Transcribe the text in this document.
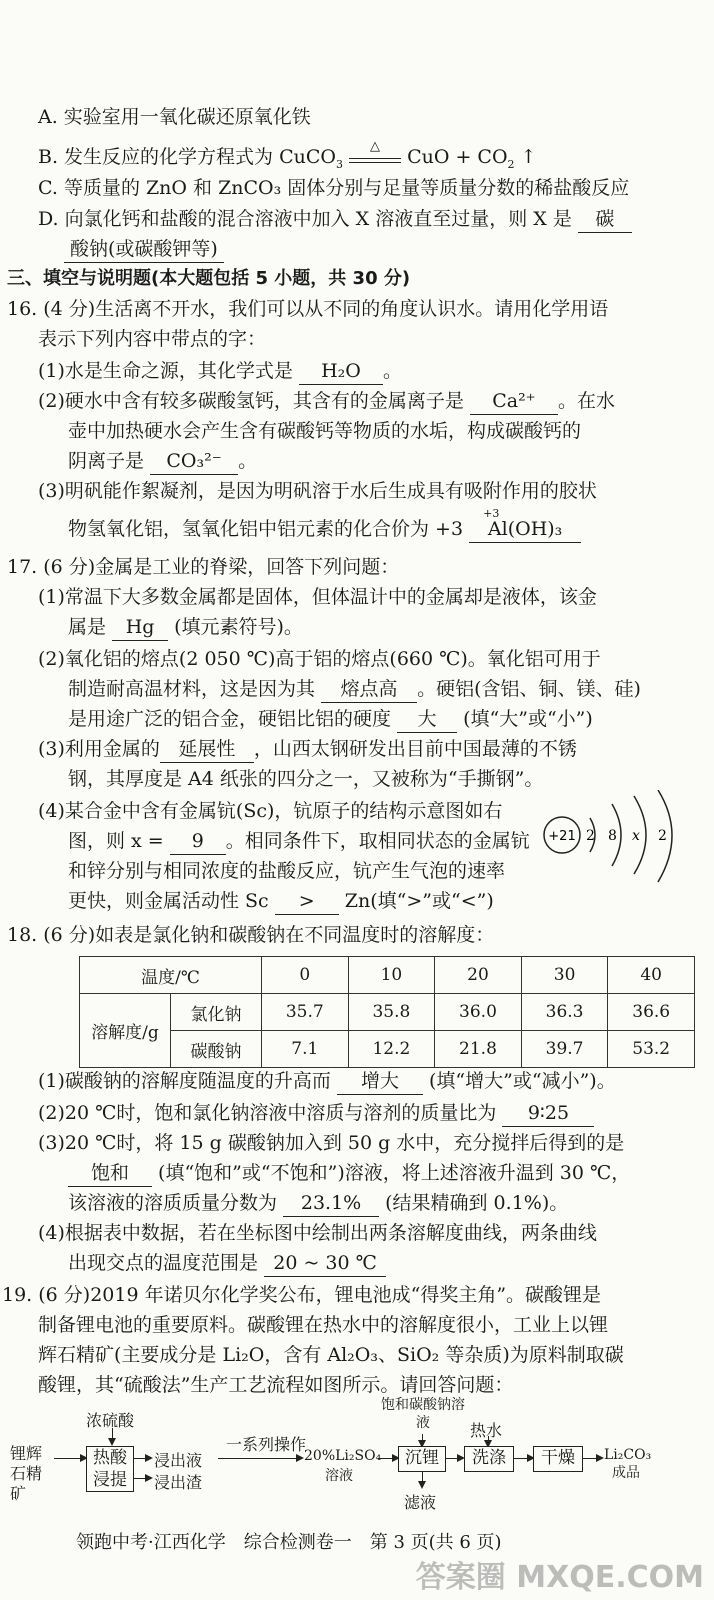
A. 实验室用一氧化碳还原氧化铁
B. 发生反应的化学方程式为 CuCO$_3$
△	CuO + $CO_2$ ↑
C. 等质量的 ZnO 和 ZnCO₃ 固体分别与足量等质量分数的稀盐酸反应
D. 向氯化钙和盐酸的混合溶液中加入 X 溶液直至过量，则 X 是 碳
酸钠(或碳酸钾等)
三、填空与说明题(本大题包括 5 小题，共 30 分)
16. (4 分)生活离不开水，我们可以从不同的角度认识水。请用化学用语
表示下列内容中带点的字：
(1)水是生命之源，其化学式是 H₂O 。
(2)硬水中含有较多碳酸氢钙，其含有的金属离子是 Ca²⁺ 。在水
壶中加热硬水会产生含有碳酸钙等物质的水垢，构成碳酸钙的
阴离子是 CO₃²⁻ 。
(3)明矾能作絮凝剂，是因为明矾溶于水后生成具有吸附作用的胶状
物氢氧化铝，氢氧化铝中铝元素的化合价为 +3
+3
Al(OH)₃
17. (6 分)金属是工业的脊梁，回答下列问题：
(1)常温下大多数金属都是固体，但体温计中的金属却是液体，该金
属是 Hg (填元素符号)。
(2)氧化铝的熔点(2 050 ℃)高于铝的熔点(660 ℃)。氧化铝可用于
制造耐高温材料，这是因为其 熔点高 。硬铝(含铝、铜、镁、硅)
是用途广泛的铝合金，硬铝比铝的硬度 大 (填“大”或“小”)
(3)利用金属的 延展性 ，山西太钢研发出目前中国最薄的不锈
钢，其厚度是 A4 纸张的四分之一，又被称为“手撕钢”。
(4)某合金中含有金属钪(Sc)，钪原子的结构示意图如右
图，则 x = 9 。相同条件下，取相同状态的金属钪
和锌分别与相同浓度的盐酸反应，钪产生气泡的速率
更快，则金属活动性 Sc > Zn(填“>”或“<”)
+21 2 8 x 2
18. (6 分)如表是氯化钠和碳酸钠在不同温度时的溶解度：
温度/℃		0	10	20	30	40
溶解度/g	氯化钠	35.7	35.8	36.0	36.3	36.6
	碳酸钠	7.1	12.2	21.8	39.7	53.2
(1)碳酸钠的溶解度随温度的升高而 增大 (填“增大”或“减小”)。
(2)20 ℃时，饱和氯化钠溶液中溶质与溶剂的质量比为 9∶25
(3)20 ℃时，将 15 g 碳酸钠加入到 50 g 水中，充分搅拌后得到的是
饱和 (填“饱和”或“不饱和”)溶液，将上述溶液升温到 30 ℃，
该溶液的溶质质量分数为 23.1% (结果精确到 0.1%)。
(4)根据表中数据，若在坐标图中绘制出两条溶解度曲线，两条曲线
出现交点的温度范围是 20 ~ 30 ℃
19. (6 分)2019 年诺贝尔化学奖公布，锂电池成“得奖主角”。碳酸锂是
制备锂电池的重要原料。碳酸锂在热水中的溶解度很小，工业上以锂
辉石精矿(主要成分是 Li₂O，含有 Al₂O₃、SiO₂ 等杂质)为原料制取碳
酸锂，其“硫酸法”生产工艺流程如图所示。请回答问题：
浓硫酸
锂辉石精矿
热酸浸提
浸出液
浸出渣
一系列操作
20%Li₂SO₄溶液
饱和碳酸钠溶液
沉锂
滤液
热水
洗涤	干燥	Li₂CO₃成品
领跑中考·江西化学　综合检测卷一　第 3 页(共 6 页)
答案圈 MXQE.COM
